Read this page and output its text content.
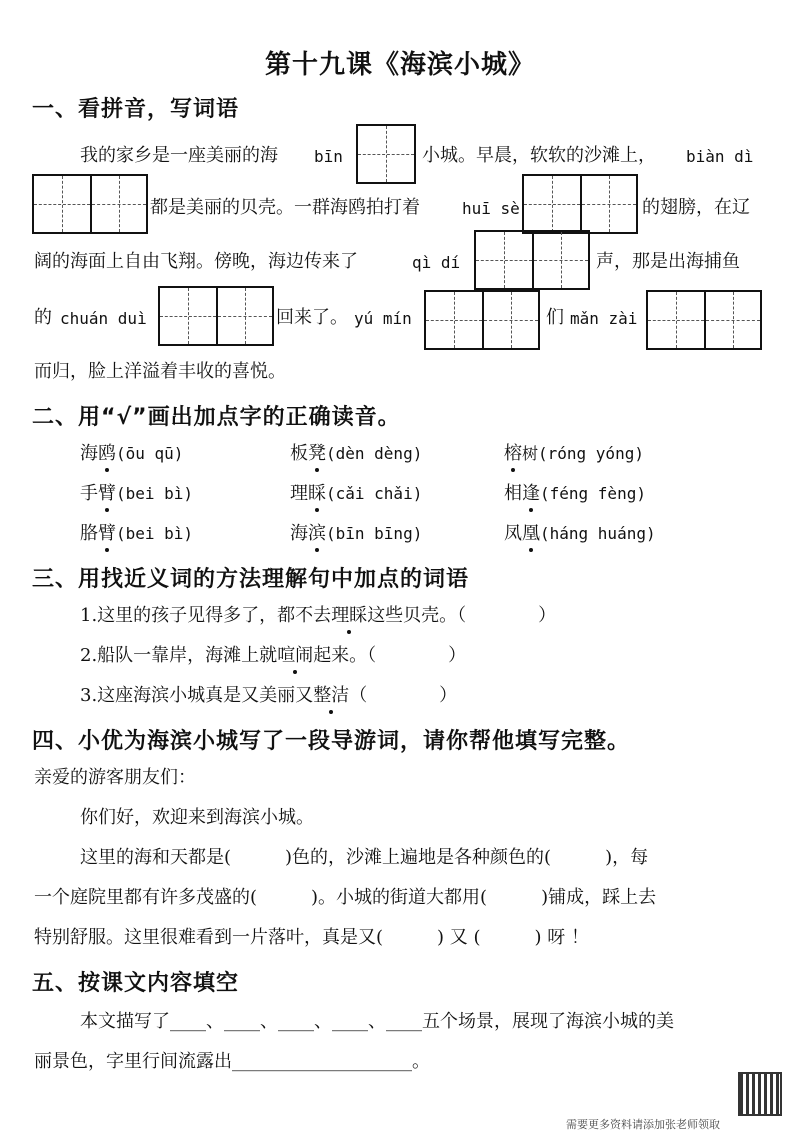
第十九课《海滨小城》
一、看拼音，写词语
我的家乡是一座美丽的海 bīn	小城。早晨，软软的沙滩上， biàn dì
都是美丽的贝壳。一群海鸥拍打着	huī sè	的翅膀，在辽
阔的海面上自由飞翔。傍晚，海边传来了	qì dí	声，那是出海捕鱼
的 chuán duì	回来了。 yú mín	们 mǎn zài
而归，脸上洋溢着丰收的喜悦。
二、用“√”画出加点字的正确读音。
海鸥(ōu qū)	板凳(dèn dèng)	榕树(róng yóng)
手臂(bei bì)	理睬(cǎi chǎi)	相逢(féng fèng)
胳臂(bei bì)	海滨(bīn bīng)	凤凰(háng huáng)
三、用找近义词的方法理解句中加点的词语
1.这里的孩子见得多了，都不去理睬这些贝壳。（　　　　）
2.船队一靠岸，海滩上就喧闹起来。（　　　　）
3.这座海滨小城真是又美丽又整洁（　　　　）
四、小优为海滨小城写了一段导游词，请你帮他填写完整。
亲爱的游客朋友们：
你们好，欢迎来到海滨小城。
这里的海和天都是(　　　)色的，沙滩上遍地是各种颜色的(　　　)，每
一个庭院里都有许多茂盛的(　　　)。小城的街道大都用(　　　)铺成，踩上去
特别舒服。这里很难看到一片落叶，真是又(　　　) 又 (　　　) 呀 ！
五、按课文内容填空
本文描写了____、____、____、____、____五个场景，展现了海滨小城的美
丽景色，字里行间流露出____________________。
需要更多资料请添加张老师领取
